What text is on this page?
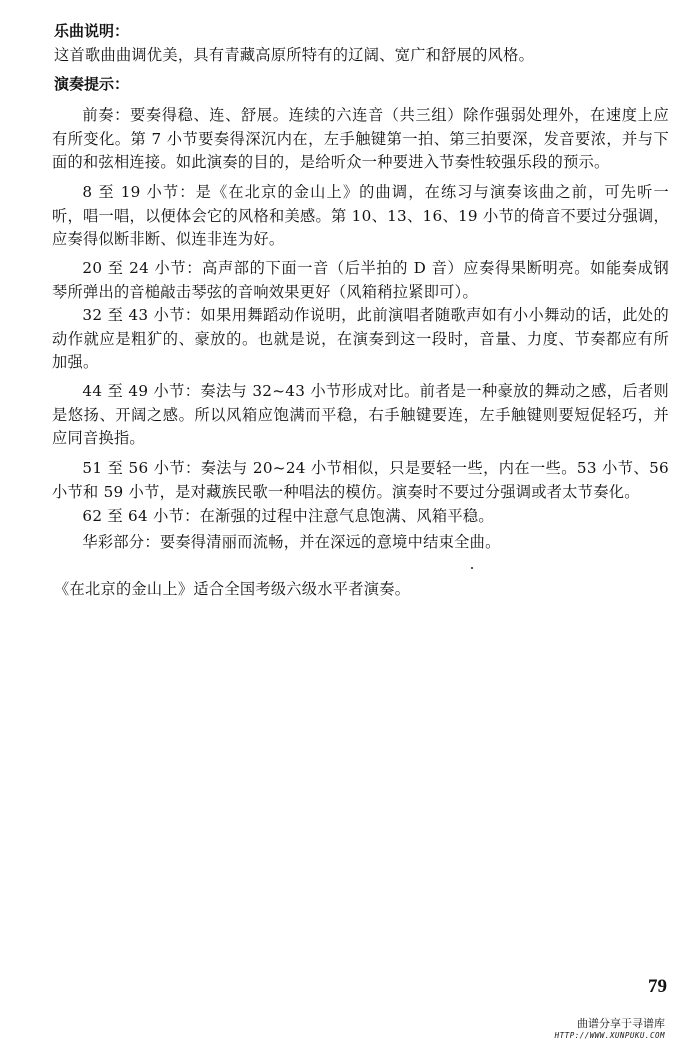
乐曲说明：

这首歌曲曲调优美，具有青藏高原所特有的辽阔、宽广和舒展的风格。

演奏提示：

前奏：要奏得稳、连、舒展。连续的六连音（共三组）除作强弱处理外，在速度上应有所变化。第 7 小节要奏得深沉内在，左手触键第一拍、第三拍要深，发音要浓，并与下面的和弦相连接。如此演奏的目的，是给听众一种要进入节奏性较强乐段的预示。

8 至 19 小节：是《在北京的金山上》的曲调，在练习与演奏该曲之前，可先听一听，唱一唱，以便体会它的风格和美感。第 10、13、16、19 小节的倚音不要过分强调，应奏得似断非断、似连非连为好。

20 至 24 小节：高声部的下面一音（后半拍的 D 音）应奏得果断明亮。如能奏成钢琴所弹出的音槌敲击琴弦的音响效果更好（风箱稍拉紧即可）。

32 至 43 小节：如果用舞蹈动作说明，此前演唱者随歌声如有小小舞动的话，此处的动作就应是粗犷的、豪放的。也就是说，在演奏到这一段时，音量、力度、节奏都应有所加强。

44 至 49 小节：奏法与 32~43 小节形成对比。前者是一种豪放的舞动之感，后者则是悠扬、开阔之感。所以风箱应饱满而平稳，右手触键要连，左手触键则要短促轻巧，并应同音换指。

51 至 56 小节：奏法与 20~24 小节相似，只是要轻一些，内在一些。53 小节、56 小节和 59 小节，是对藏族民歌一种唱法的模仿。演奏时不要过分强调或者太节奏化。

62 至 64 小节：在渐强的过程中注意气息饱满、风箱平稳。

华彩部分：要奏得清丽而流畅，并在深远的意境中结束全曲。

《在北京的金山上》适合全国考级六级水平者演奏。
79
曲谱分享于寻谱库
HTTP://WWW.XUNPUKU.COM
